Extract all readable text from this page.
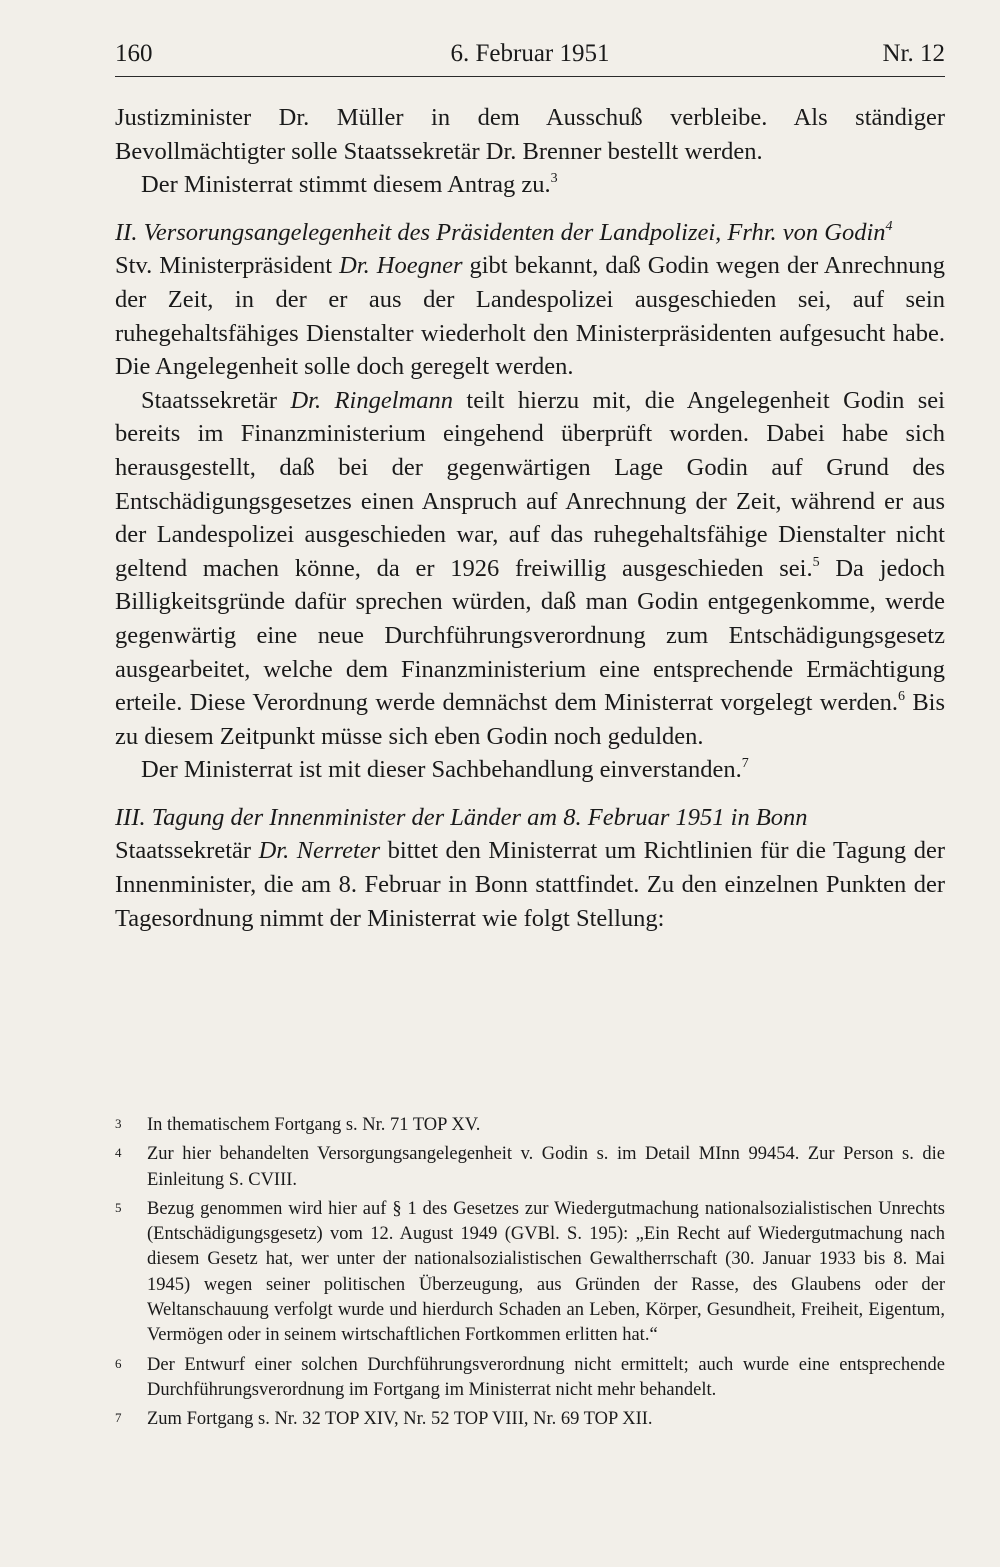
160	6. Februar 1951	Nr. 12

Justizminister Dr. Müller in dem Ausschuß verbleibe. Als ständiger Bevollmächtigter solle Staatssekretär Dr. Brenner bestellt werden.

Der Ministerrat stimmt diesem Antrag zu.$^3$

II. Versorungsangelegenheit des Präsidenten der Landpolizei, Frhr. von Godin$^4$

Stv. Ministerpräsident Dr. Hoegner gibt bekannt, daß Godin wegen der Anrechnung der Zeit, in der er aus der Landespolizei ausgeschieden sei, auf sein ruhegehaltsfähiges Dienstalter wiederholt den Ministerpräsidenten aufgesucht habe. Die Angelegenheit solle doch geregelt werden.

Staatssekretär Dr. Ringelmann teilt hierzu mit, die Angelegenheit Godin sei bereits im Finanzministerium eingehend überprüft worden. Dabei habe sich herausgestellt, daß bei der gegenwärtigen Lage Godin auf Grund des Entschädigungsgesetzes einen Anspruch auf Anrechnung der Zeit, während er aus der Landespolizei ausgeschieden war, auf das ruhegehaltsfähige Dienstalter nicht geltend machen könne, da er 1926 freiwillig ausgeschieden sei.$^5$ Da jedoch Billigkeitsgründe dafür sprechen würden, daß man Godin entgegenkomme, werde gegenwärtig eine neue Durchführungsverordnung zum Entschädigungsgesetz ausgearbeitet, welche dem Finanzministerium eine entsprechende Ermächtigung erteile. Diese Verordnung werde demnächst dem Ministerrat vorgelegt werden.$^6$ Bis zu diesem Zeitpunkt müsse sich eben Godin noch gedulden.

Der Ministerrat ist mit dieser Sachbehandlung einverstanden.$^7$

III. Tagung der Innenminister der Länder am 8. Februar 1951 in Bonn

Staatssekretär Dr. Nerreter bittet den Ministerrat um Richtlinien für die Tagung der Innenminister, die am 8. Februar in Bonn stattfindet. Zu den einzelnen Punkten der Tagesordnung nimmt der Ministerrat wie folgt Stellung:

3	In thematischem Fortgang s. Nr. 71 TOP XV.
4	Zur hier behandelten Versorgungsangelegenheit v. Godin s. im Detail MInn 99454. Zur Person s. die Einleitung S. CVIII.
5	Bezug genommen wird hier auf § 1 des Gesetzes zur Wiedergutmachung nationalsozialistischen Unrechts (Entschädigungsgesetz) vom 12. August 1949 (GVBl. S. 195): „Ein Recht auf Wiedergutmachung nach diesem Gesetz hat, wer unter der nationalsozialistischen Gewaltherrschaft (30. Januar 1933 bis 8. Mai 1945) wegen seiner politischen Überzeugung, aus Gründen der Rasse, des Glaubens oder der Weltanschauung verfolgt wurde und hierdurch Schaden an Leben, Körper, Gesundheit, Freiheit, Eigentum, Vermögen oder in seinem wirtschaftlichen Fortkommen erlitten hat.“
6	Der Entwurf einer solchen Durchführungsverordnung nicht ermittelt; auch wurde eine entsprechende Durchführungsverordnung im Fortgang im Ministerrat nicht mehr behandelt.
7	Zum Fortgang s. Nr. 32 TOP XIV, Nr. 52 TOP VIII, Nr. 69 TOP XII.
